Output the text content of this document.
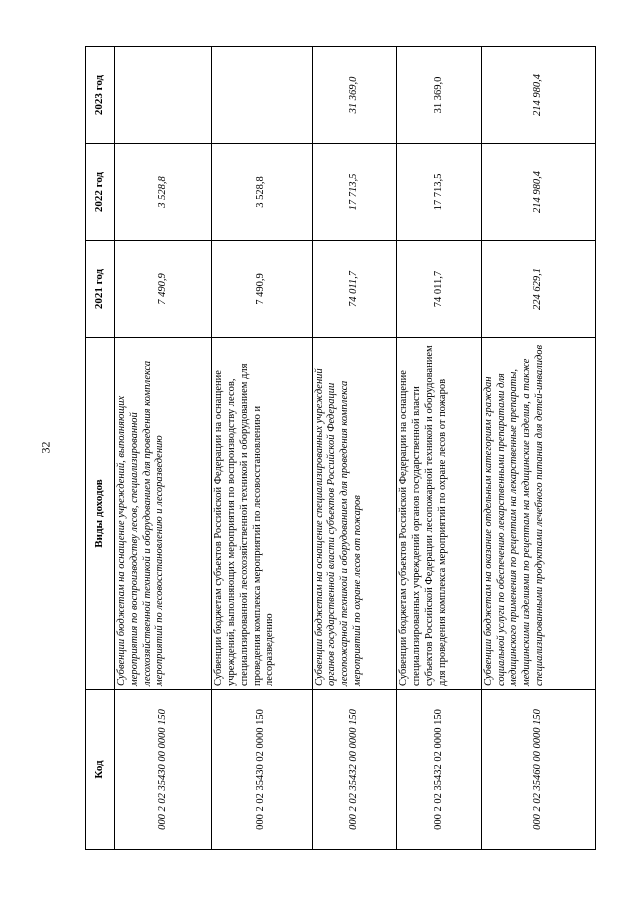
32
Код	Виды доходов	2021 год	2022 год	2023 год
000 2 02 35430 00 0000 150	Субвенции бюджетам на оснащение учреждений, выполняющих мероприятия по воспроизводству лесов, специализированной лесохозяйственной техникой и оборудованием для проведения комплекса мероприятий по лесовосстановлению и лесоразведению	7 490,9	3 528,8	
000 2 02 35430 02 0000 150	Субвенции бюджетам субъектов Российской Федерации на оснащение учреждений, выполняющих мероприятия по воспроизводству лесов, специализированной лесохозяйственной техникой и оборудованием для проведения комплекса мероприятий по лесовосстановлению и лесоразведению	7 490,9	3 528,8	
000 2 02 35432 00 0000 150	Субвенции бюджетам на оснащение специализированных учреждений органов государственной власти субъектов Российской Федерации лесопожарной техникой и оборудованием для проведения комплекса мероприятий по охране лесов от пожаров	74 011,7	17 713,5	31 369,0
000 2 02 35432 02 0000 150	Субвенции бюджетам субъектов Российской Федерации на оснащение специализированных учреждений органов государственной власти субъектов Российской Федерации лесопожарной техникой и оборудованием для проведения комплекса мероприятий по охране лесов от пожаров	74 011,7	17 713,5	31 369,0
000 2 02 35460 00 0000 150	Субвенции бюджетам на оказание отдельным категориям граждан социальной услуги по обеспечению лекарственными препаратами для медицинского применения по рецептам на лекарственные препараты, медицинскими изделиями по рецептам на медицинские изделия, а также специализированными продуктами лечебного питания для детей-инвалидов	224 629,1	214 980,4	214 980,4
